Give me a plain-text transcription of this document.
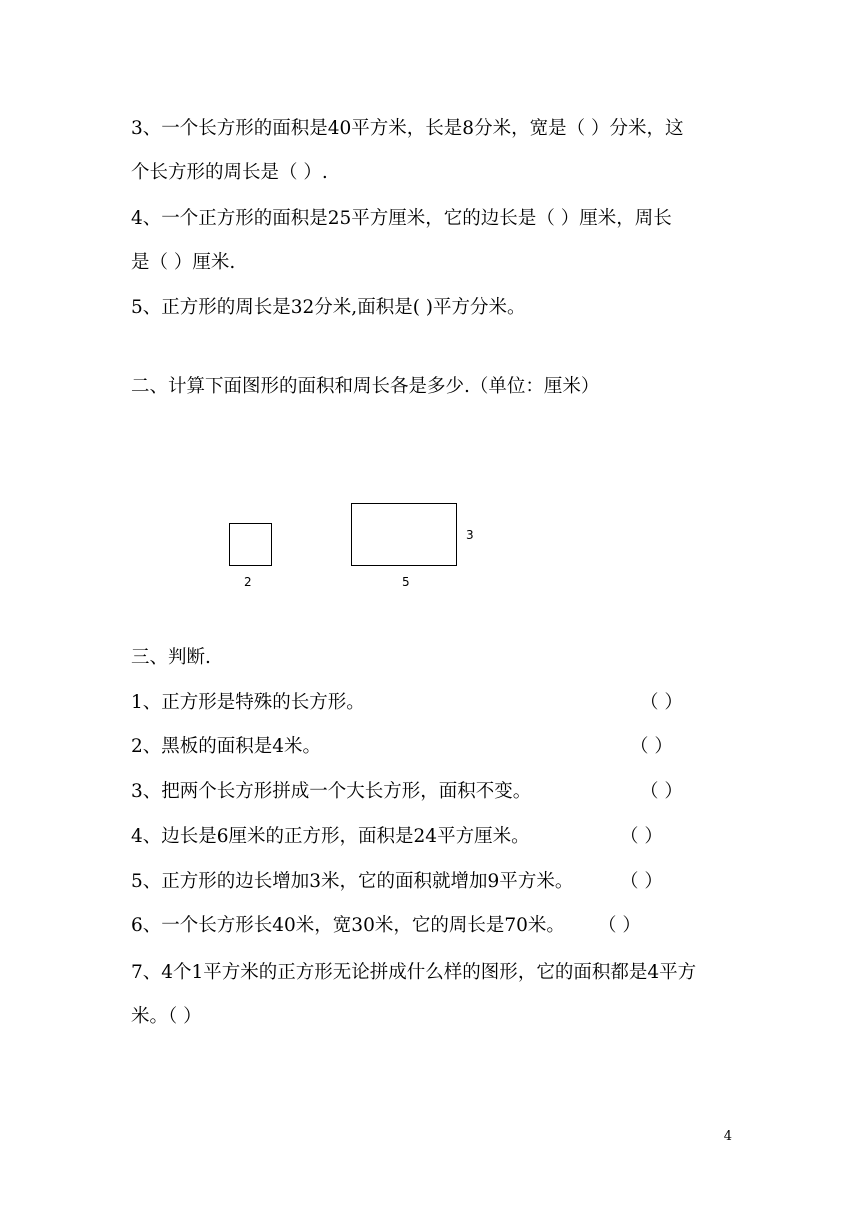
3、一个长方形的面积是40平方米，长是8分米，宽是（ ）分米，这
个长方形的周长是（ ）.
4、一个正方形的面积是25平方厘米，它的边长是（ ）厘米，周长
是（ ）厘米.
5、正方形的周长是32分米,面积是( )平方分米。
二、计算下面图形的面积和周长各是多少.（单位：厘米）
2
3
5
三、判断.
1、正方形是特殊的长方形。	（ ）
2、黑板的面积是4米。	（ ）
3、把两个长方形拼成一个大长方形，面积不变。	（ ）
4、边长是6厘米的正方形，面积是24平方厘米。	（ ）
5、正方形的边长增加3米，它的面积就增加9平方米。	（ ）
6、一个长方形长40米，宽30米，它的周长是70米。 （ ）
7、4个1平方米的正方形无论拼成什么样的图形，它的面积都是4平方
米。（ ）
4
